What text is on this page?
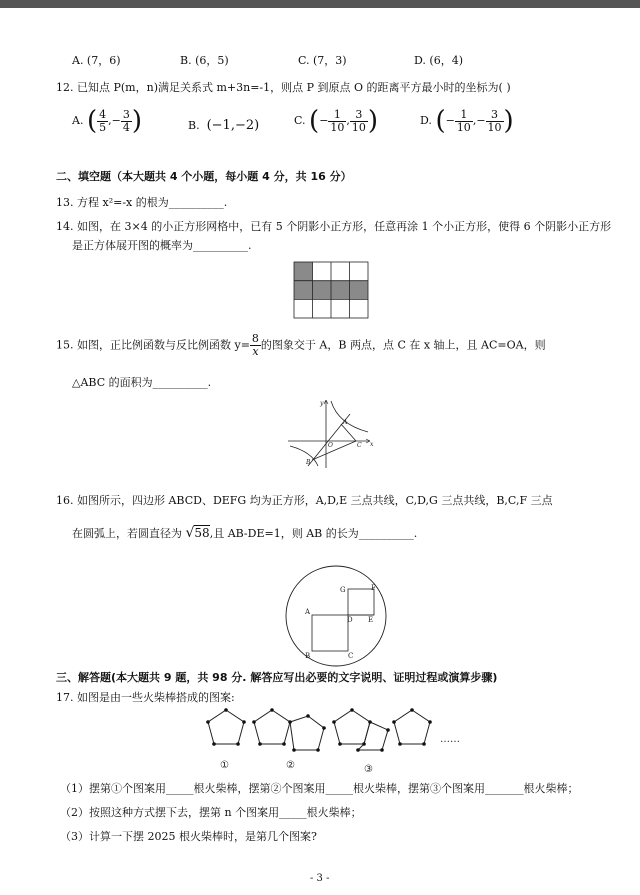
A. (7，6)	B. (6，5)	C. (7，3)	D. (6，4)
12. 已知点 P(m，n)满足关系式 m+3n=-1，则点 P 到原点 O 的距离平方最小时的坐标为( )
A. ( $\frac{4}{5}$ ,− $\frac{3}{4}$ )	B. (−1,−2)	C. (− $\frac{1}{10}$ , $\frac{3}{10}$ )	D. (− $\frac{1}{10}$ ,− $\frac{3}{10}$ )
二、填空题（本大题共 4 个小题，每小题 4 分，共 16 分）
13. 方程 x²=-x 的根为__________.
14. 如图，在 3×4 的小正方形网格中，已有 5 个阴影小正方形，任意再涂 1 个小正方形，使得 6 个阴影小正方形
是正方体展开图的概率为__________.
15. 如图，正比例函数与反比例函数 $y= \frac{8}{x}$ 的图象交于 A，B 两点，点 C 在 x 轴上，且 AC=OA，则
△ABC 的面积为__________.
y
x
O
A
B
C
16. 如图所示，四边形 ABCD、DEFG 均为正方形，A,D,E 三点共线，C,D,G 三点共线，B,C,F 三点
在圆弧上，若圆直径为 √58,且 AB-DE=1，则 AB 的长为__________.
G	F
A
D E
B	C
三、解答题(本大题共 9 题，共 98 分. 解答应写出必要的文字说明、证明过程或演算步骤)
17. 如图是由一些火柴棒搭成的图案:
①	②	③
……
（1）摆第①个图案用_____根火柴棒，摆第②个图案用_____根火柴棒，摆第③个图案用_______根火柴棒；
（2）按照这种方式摆下去，摆第 n 个图案用_____根火柴棒；
（3）计算一下摆 2025 根火柴棒时，是第几个图案?
- 3 -
